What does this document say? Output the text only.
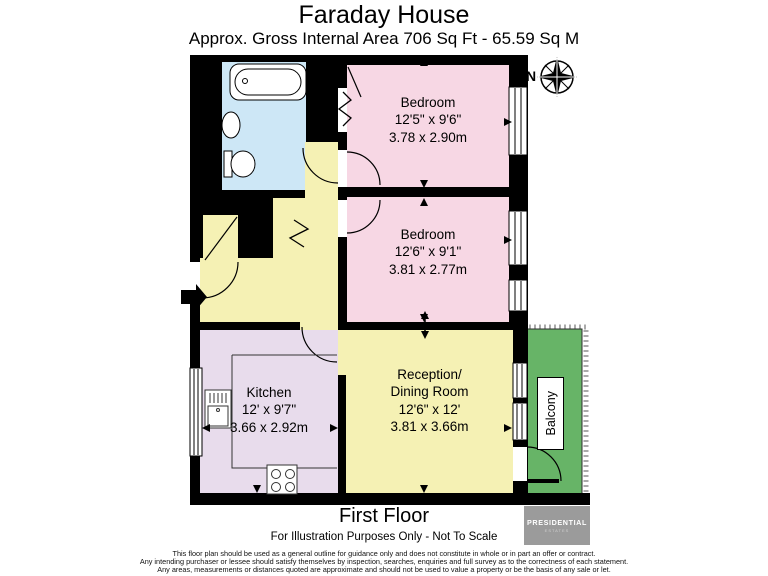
Faraday House
Approx. Gross Internal Area 706 Sq Ft - 65.59 Sq M
N
Bedroom
12'5" x 9'6"
3.78 x 2.90m
Bedroom
12'6" x 9'1"
3.81 x 2.77m
Kitchen
12' x 9'7"
3.66 x 2.92m
Reception/
Dining Room
12'6" x 12'
3.81 x 3.66m	Balcony
First Floor
For Illustration Purposes Only - Not To Scale
This floor plan should be used as a general outline for guidance only and does not constitute in whole or in part an offer or contract.
Any intending purchaser or lessee should satisfy themselves by inspection, searches, enquiries and full survey as to the correctness of each statement.
Any areas, measurements or distances quoted are approximate and should not be used to value a property or be the basis of any sale or let.
PRESIDENTIAL
ESTATES
